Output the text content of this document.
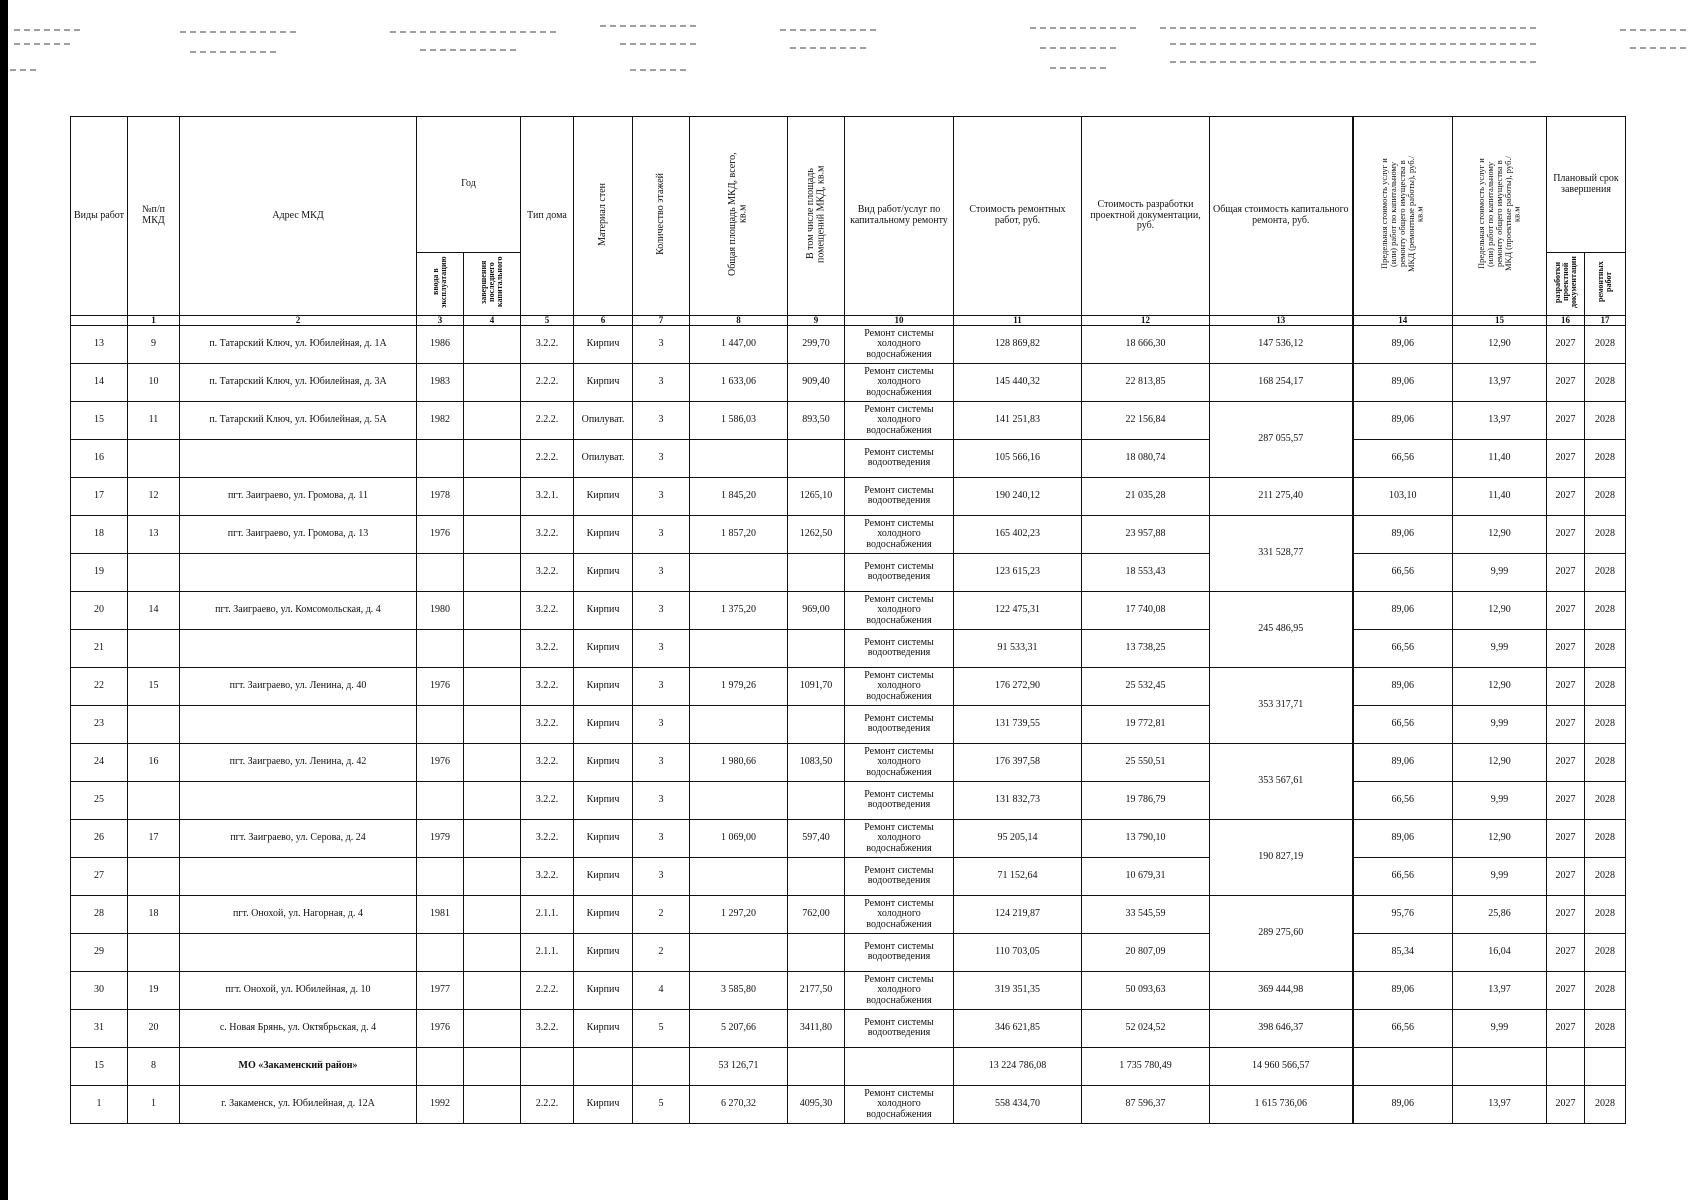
Виды работ	№п/п МКД	Адрес МКД	Год		Тип дома	Материал стен	Количество этажей	Общая площадь МКД, всего, кв.м	В том числе площадь помещений МКД, кв.м	Вид работ/услуг по капитальному ремонту	Стоимость ремонтных работ, руб.	Стоимость разработки проектной документации, руб.	Общая стоимость капитального ремонта, руб.	Предельная стоимость услуг и (или) работ по капитальному ремонту общего имущества в МКД (ремонтные работы), руб./кв.м	Предельная стоимость услуг и (или) работ по капитальному ремонту общего имущества в МКД (проектные работы), руб./кв.м	Плановый срок завершения	
			ввода в эксплуатацию	завершения последнего капитального												разработки проектной документации	ремонтных работ
	1	2	3	4	5	6	7	8	9	10	11	12	13	14	15	16	17
13	9	п. Татарский Ключ, ул. Юбилейная, д. 1А	1986		3.2.2.	Кирпич	3	1 447,00	299,70	Ремонт системы холодного водоснабжения	128 869,82	18 666,30	147 536,12	89,06	12,90	2027	2028
14	10	п. Татарский Ключ, ул. Юбилейная, д. 3А	1983		2.2.2.	Кирпич	3	1 633,06	909,40	Ремонт системы холодного водоснабжения	145 440,32	22 813,85	168 254,17	89,06	13,97	2027	2028
15	11	п. Татарский Ключ, ул. Юбилейная, д. 5А	1982		2.2.2.	Опилуват.	3	1 586,03	893,50	Ремонт системы холодного водоснабжения	141 251,83	22 156,84	287 055,57	89,06	13,97	2027	2028
16					2.2.2.	Опилуват.	3			Ремонт системы водоотведения	105 566,16	18 080,74		66,56	11,40	2027	2028
17	12	пгт. Заиграево, ул. Громова, д. 11	1978		3.2.1.	Кирпич	3	1 845,20	1265,10	Ремонт системы водоотведения	190 240,12	21 035,28	211 275,40	103,10	11,40	2027	2028
18	13	пгт. Заиграево, ул. Громова, д. 13	1976		3.2.2.	Кирпич	3	1 857,20	1262,50	Ремонт системы холодного водоснабжения	165 402,23	23 957,88	331 528,77	89,06	12,90	2027	2028
19					3.2.2.	Кирпич	3			Ремонт системы водоотведения	123 615,23	18 553,43		66,56	9,99	2027	2028
20	14	пгт. Заиграево, ул. Комсомольская, д. 4	1980		3.2.2.	Кирпич	3	1 375,20	969,00	Ремонт системы холодного водоснабжения	122 475,31	17 740,08	245 486,95	89,06	12,90	2027	2028
21					3.2.2.	Кирпич	3			Ремонт системы водоотведения	91 533,31	13 738,25		66,56	9,99	2027	2028
22	15	пгт. Заиграево, ул. Ленина, д. 40	1976		3.2.2.	Кирпич	3	1 979,26	1091,70	Ремонт системы холодного водоснабжения	176 272,90	25 532,45	353 317,71	89,06	12,90	2027	2028
23					3.2.2.	Кирпич	3			Ремонт системы водоотведения	131 739,55	19 772,81		66,56	9,99	2027	2028
24	16	пгт. Заиграево, ул. Ленина, д. 42	1976		3.2.2.	Кирпич	3	1 980,66	1083,50	Ремонт системы холодного водоснабжения	176 397,58	25 550,51	353 567,61	89,06	12,90	2027	2028
25					3.2.2.	Кирпич	3			Ремонт системы водоотведения	131 832,73	19 786,79		66,56	9,99	2027	2028
26	17	пгт. Заиграево, ул. Серова, д. 24	1979		3.2.2.	Кирпич	3	1 069,00	597,40	Ремонт системы холодного водоснабжения	95 205,14	13 790,10	190 827,19	89,06	12,90	2027	2028
27					3.2.2.	Кирпич	3			Ремонт системы водоотведения	71 152,64	10 679,31		66,56	9,99	2027	2028
28	18	пгт. Онохой, ул. Нагорная, д. 4	1981		2.1.1.	Кирпич	2	1 297,20	762,00	Ремонт системы холодного водоснабжения	124 219,87	33 545,59	289 275,60	95,76	25,86	2027	2028
29					2.1.1.	Кирпич	2			Ремонт системы водоотведения	110 703,05	20 807,09		85,34	16,04	2027	2028
30	19	пгт. Онохой, ул. Юбилейная, д. 10	1977		2.2.2.	Кирпич	4	3 585,80	2177,50	Ремонт системы холодного водоснабжения	319 351,35	50 093,63	369 444,98	89,06	13,97	2027	2028
31	20	с. Новая Брянь, ул. Октябрьская, д. 4	1976		3.2.2.	Кирпич	5	5 207,66	3411,80	Ремонт системы водоотведения	346 621,85	52 024,52	398 646,37	66,56	9,99	2027	2028
15	8	МО «Закаменский район»						53 126,71			13 224 786,08	1 735 780,49	14 960 566,57				
1	1	г. Закаменск, ул. Юбилейная, д. 12А	1992		2.2.2.	Кирпич	5	6 270,32	4095,30	Ремонт системы холодного водоснабжения	558 434,70	87 596,37	1 615 736,06	89,06	13,97	2027	2028
